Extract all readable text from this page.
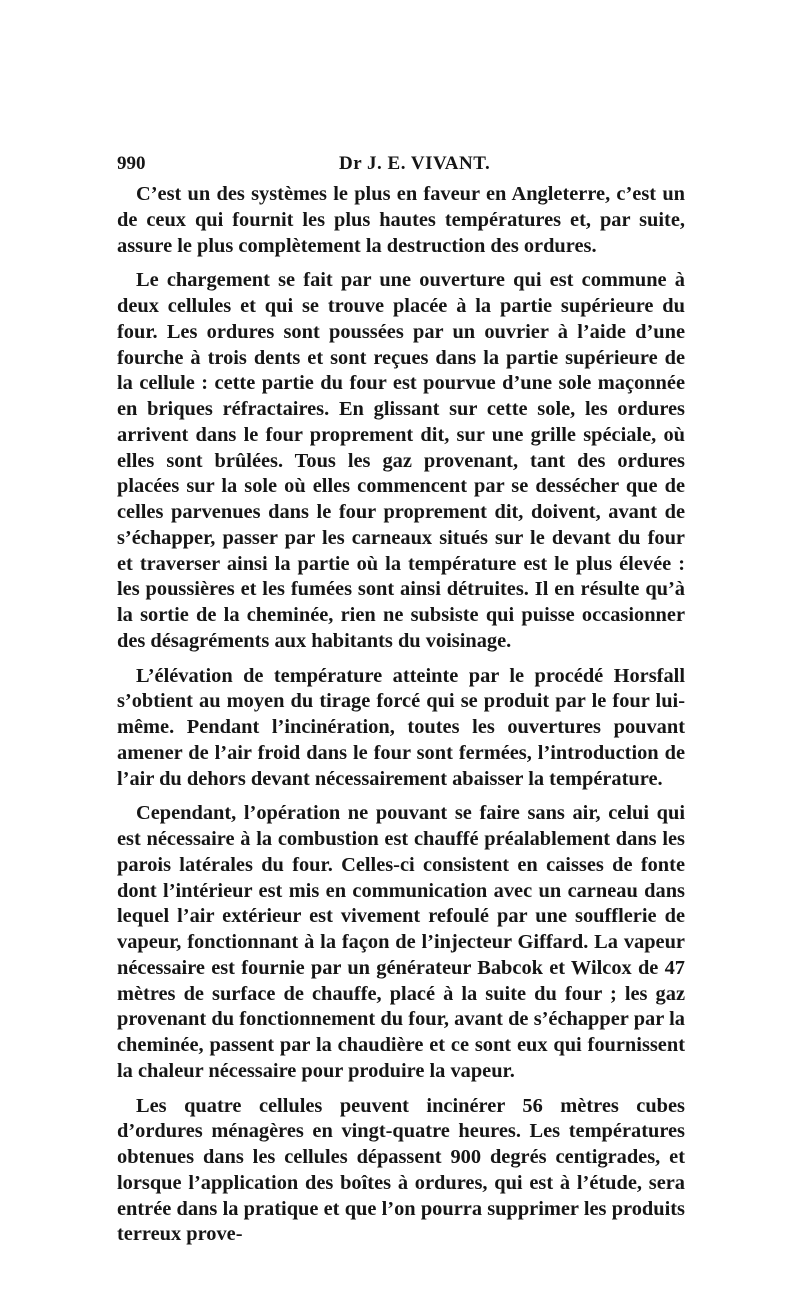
990	Dr J. E. VIVANT.

C’est un des systèmes le plus en faveur en Angleterre, c’est un de ceux qui fournit les plus hautes températures et, par suite, assure le plus complètement la destruction des ordures.

Le chargement se fait par une ouverture qui est commune à deux cellules et qui se trouve placée à la partie supérieure du four. Les ordures sont poussées par un ouvrier à l’aide d’une fourche à trois dents et sont reçues dans la partie supérieure de la cellule : cette partie du four est pourvue d’une sole maçonnée en briques réfractaires. En glissant sur cette sole, les ordures arrivent dans le four proprement dit, sur une grille spéciale, où elles sont brûlées. Tous les gaz provenant, tant des ordures placées sur la sole où elles commencent par se dessécher que de celles parvenues dans le four proprement dit, doivent, avant de s’échapper, passer par les carneaux situés sur le devant du four et traverser ainsi la partie où la température est le plus élevée : les poussières et les fumées sont ainsi détruites. Il en résulte qu’à la sortie de la cheminée, rien ne subsiste qui puisse occasionner des désagréments aux habitants du voisinage.

L’élévation de température atteinte par le procédé Horsfall s’obtient au moyen du tirage forcé qui se produit par le four lui-même. Pendant l’incinération, toutes les ouvertures pouvant amener de l’air froid dans le four sont fermées, l’introduction de l’air du dehors devant nécessairement abaisser la température.

Cependant, l’opération ne pouvant se faire sans air, celui qui est nécessaire à la combustion est chauffé préalablement dans les parois latérales du four. Celles-ci consistent en caisses de fonte dont l’intérieur est mis en communication avec un carneau dans lequel l’air extérieur est vivement refoulé par une soufflerie de vapeur, fonctionnant à la façon de l’injecteur Giffard. La vapeur nécessaire est fournie par un générateur Babcok et Wilcox de 47 mètres de surface de chauffe, placé à la suite du four ; les gaz provenant du fonctionnement du four, avant de s’échapper par la cheminée, passent par la chaudière et ce sont eux qui fournissent la chaleur nécessaire pour produire la vapeur.

Les quatre cellules peuvent incinérer 56 mètres cubes d’ordures ménagères en vingt-quatre heures. Les températures obtenues dans les cellules dépassent 900 degrés centigrades, et lorsque l’application des boîtes à ordures, qui est à l’étude, sera entrée dans la pratique et que l’on pourra supprimer les produits terreux prove-
